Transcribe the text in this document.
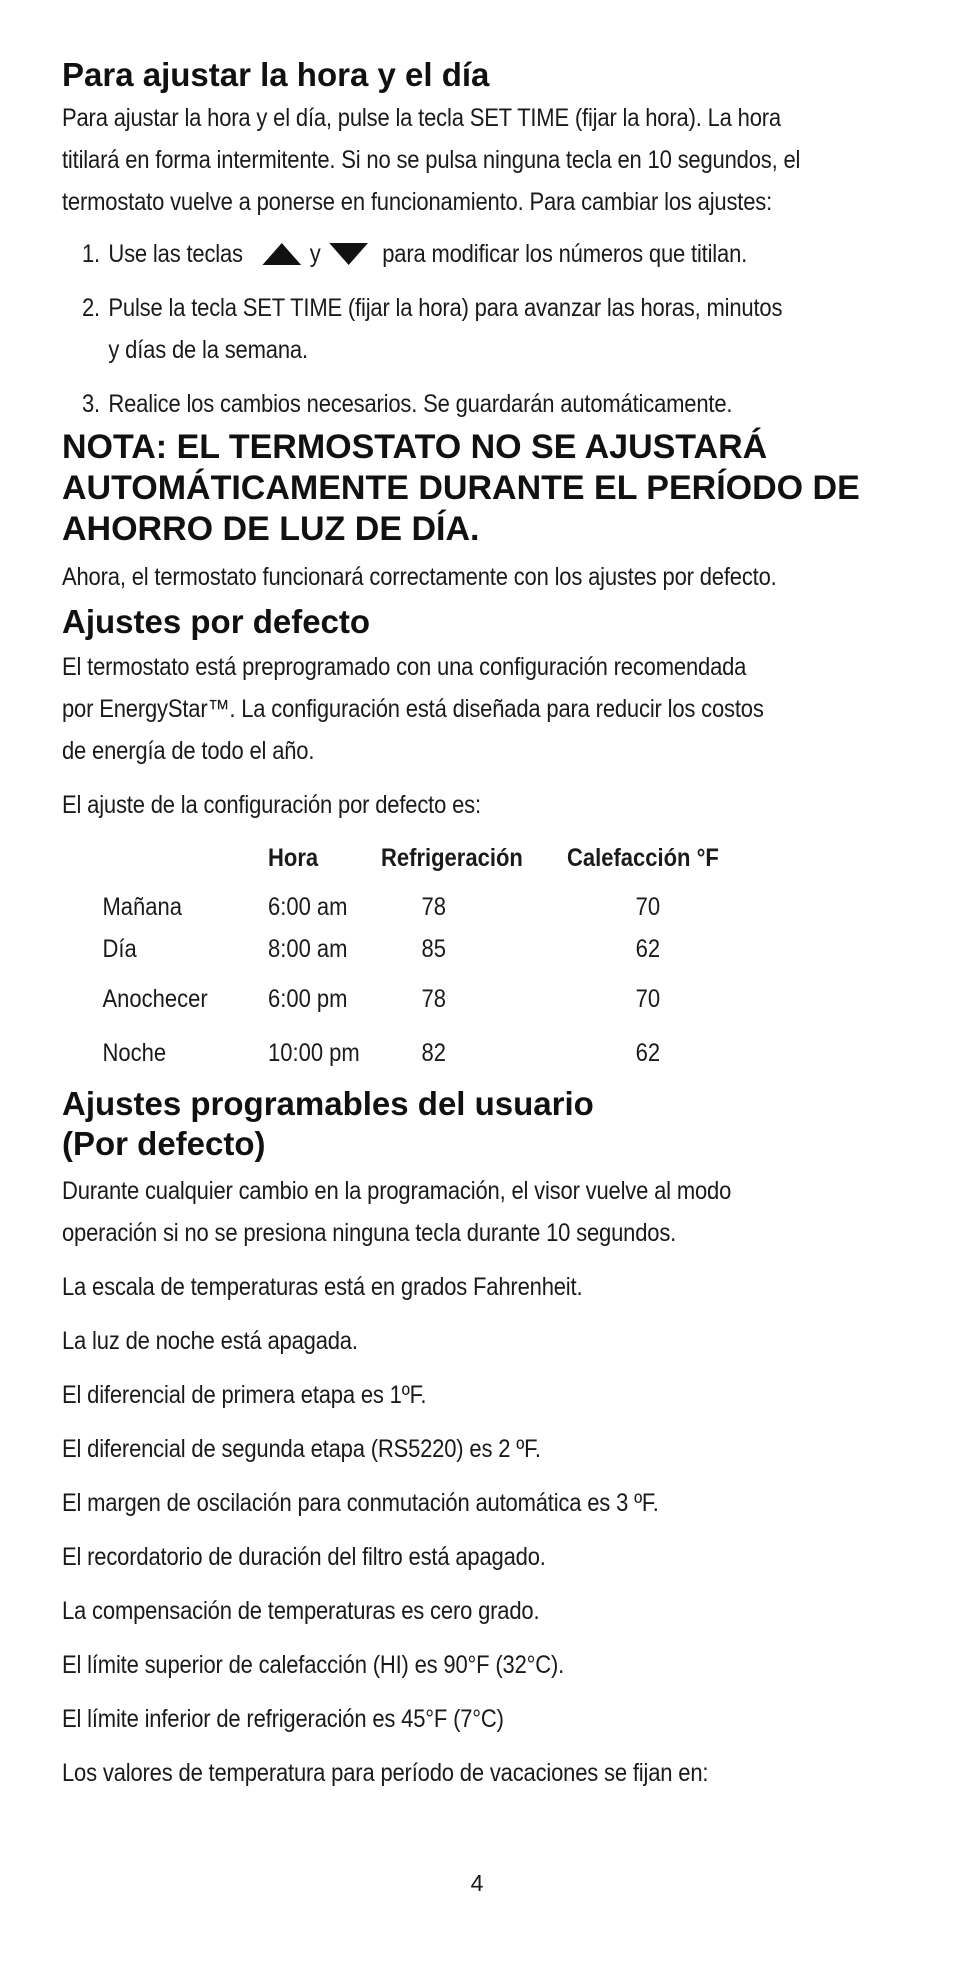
Para ajustar la hora y el día

Para ajustar la hora y el día, pulse la tecla SET TIME (fijar la hora). La hora

titilará en forma intermitente. Si no se pulsa ninguna tecla en 10 segundos, el

termostato vuelve a ponerse en funcionamiento. Para cambiar los ajustes:

1. Use las teclas	y para modificar los números que titilan.
2. Pulse la tecla SET TIME (fijar la hora) para avanzar las horas, minutos
y días de la semana.
3. Realice los cambios necesarios. Se guardarán automáticamente.
NOTA: EL TERMOSTATO NO SE AJUSTARÁ
AUTOMÁTICAMENTE DURANTE EL PERÍODO DE
AHORRO DE LUZ DE DÍA.

Ahora, el termostato funcionará correctamente con los ajustes por defecto.

Ajustes por defecto

El termostato está preprogramado con una configuración recomendada

por EnergyStar™. La configuración está diseñada para reducir los costos

de energía de todo el año.

El ajuste de la configuración por defecto es:

	Hora	Refrigeración	Calefacción °F
Mañana	6:00 am	78	70
Día	8:00 am	85	62
Anochecer	6:00 pm	78	70
Noche	10:00 pm	82	62
Ajustes programables del usuario
(Por defecto)

Durante cualquier cambio en la programación, el visor vuelve al modo

operación si no se presiona ninguna tecla durante 10 segundos.

La escala de temperaturas está en grados Fahrenheit.

La luz de noche está apagada.

El diferencial de primera etapa es 1ºF.

El diferencial de segunda etapa (RS5220) es 2 ºF.

El margen de oscilación para conmutación automática es 3 ºF.

El recordatorio de duración del filtro está apagado.

La compensación de temperaturas es cero grado.

El límite superior de calefacción (HI) es 90°F (32°C).

El límite inferior de refrigeración es 45°F (7°C)

Los valores de temperatura para período de vacaciones se fijan en:

4
